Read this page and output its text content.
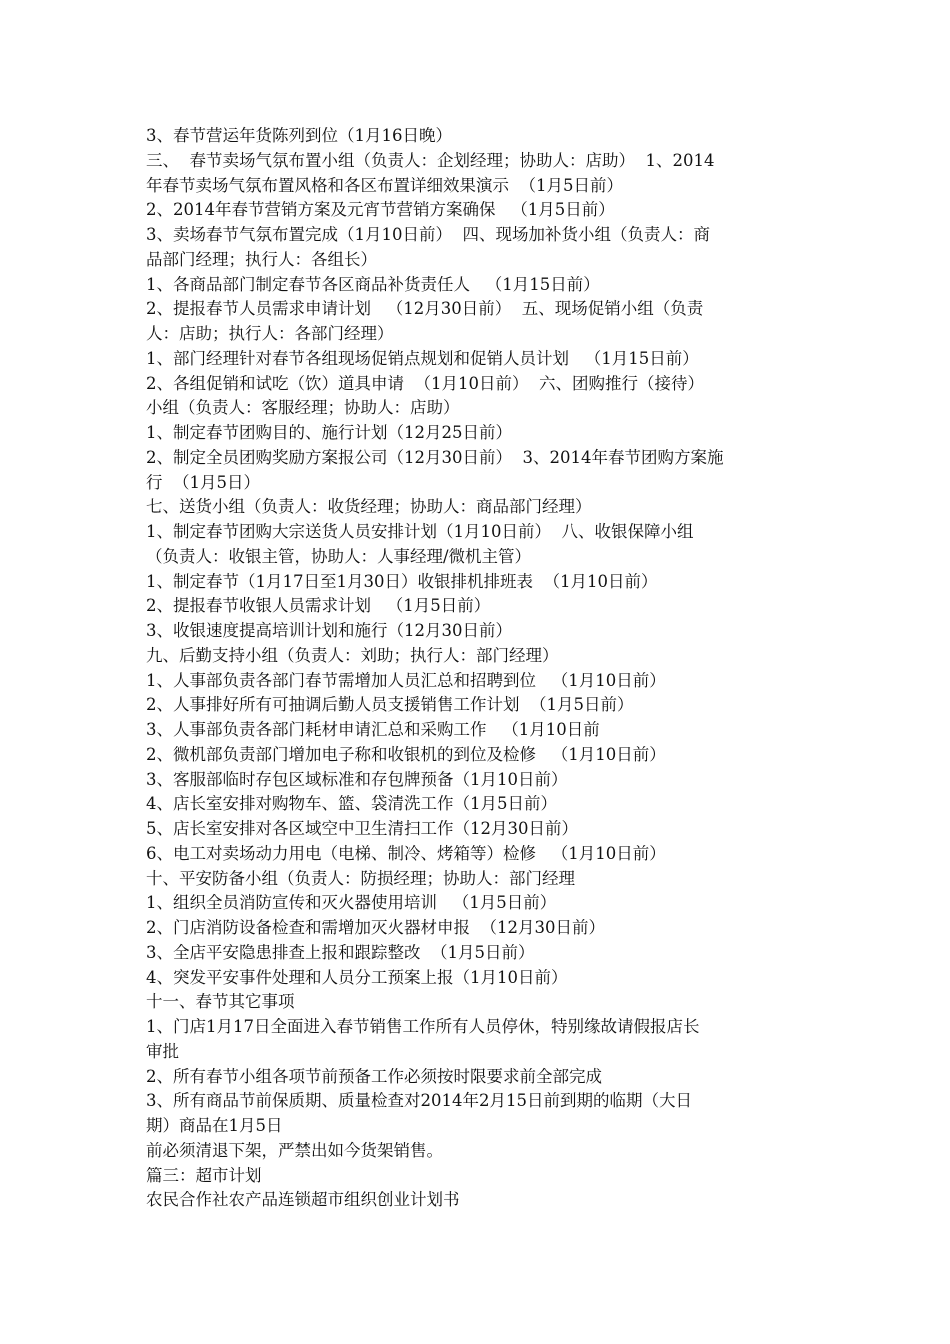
3、春节营运年货陈列到位（1月16日晚）
三、  春节卖场气氛布置小组（负责人：企划经理；协助人：店助）  1、2014
年春节卖场气氛布置风格和各区布置详细效果演示  （1月5日前）
2、2014年春节营销方案及元宵节营销方案确保   （1月5日前）
3、卖场春节气氛布置完成（1月10日前）  四、现场加补货小组（负责人：商
品部门经理；执行人：各组长）
1、各商品部门制定春节各区商品补货责任人   （1月15日前）
2、提报春节人员需求申请计划   （12月30日前）  五、现场促销小组（负责
人：店助；执行人：各部门经理）
1、部门经理针对春节各组现场促销点规划和促销人员计划   （1月15日前）
2、各组促销和试吃（饮）道具申请  （1月10日前）  六、团购推行（接待）
小组（负责人：客服经理；协助人：店助）
1、制定春节团购目的、施行计划（12月25日前）
2、制定全员团购奖励方案报公司（12月30日前）  3、2014年春节团购方案施
行  （1月5日）
七、送货小组（负责人：收货经理；协助人：商品部门经理）
1、制定春节团购大宗送货人员安排计划（1月10日前）  八、收银保障小组
（负责人：收银主管，协助人：人事经理/微机主管）
1、制定春节（1月17日至1月30日）收银排机排班表  （1月10日前）
2、提报春节收银人员需求计划   （1月5日前）
3、收银速度提高培训计划和施行（12月30日前）
九、后勤支持小组（负责人：刘助；执行人：部门经理）
1、人事部负责各部门春节需增加人员汇总和招聘到位   （1月10日前）
2、人事排好所有可抽调后勤人员支援销售工作计划  （1月5日前）
3、人事部负责各部门耗材申请汇总和采购工作   （1月10日前
2、微机部负责部门增加电子称和收银机的到位及检修   （1月10日前）
3、客服部临时存包区域标准和存包牌预备（1月10日前）
4、店长室安排对购物车、篮、袋清洗工作（1月5日前）
5、店长室安排对各区域空中卫生清扫工作（12月30日前）
6、电工对卖场动力用电（电梯、制冷、烤箱等）检修   （1月10日前）
十、平安防备小组（负责人：防损经理；协助人：部门经理
1、组织全员消防宣传和灭火器使用培训   （1月5日前）
2、门店消防设备检查和需增加灭火器材申报  （12月30日前）
3、全店平安隐患排查上报和跟踪整改  （1月5日前）
4、突发平安事件处理和人员分工预案上报（1月10日前）
十一、春节其它事项
1、门店1月17日全面进入春节销售工作所有人员停休，特别缘故请假报店长
审批
2、所有春节小组各项节前预备工作必须按时限要求前全部完成
3、所有商品节前保质期、质量检查对2014年2月15日前到期的临期（大日
期）商品在1月5日
前必须清退下架，严禁出如今货架销售。
篇三：超市计划
农民合作社农产品连锁超市组织创业计划书
